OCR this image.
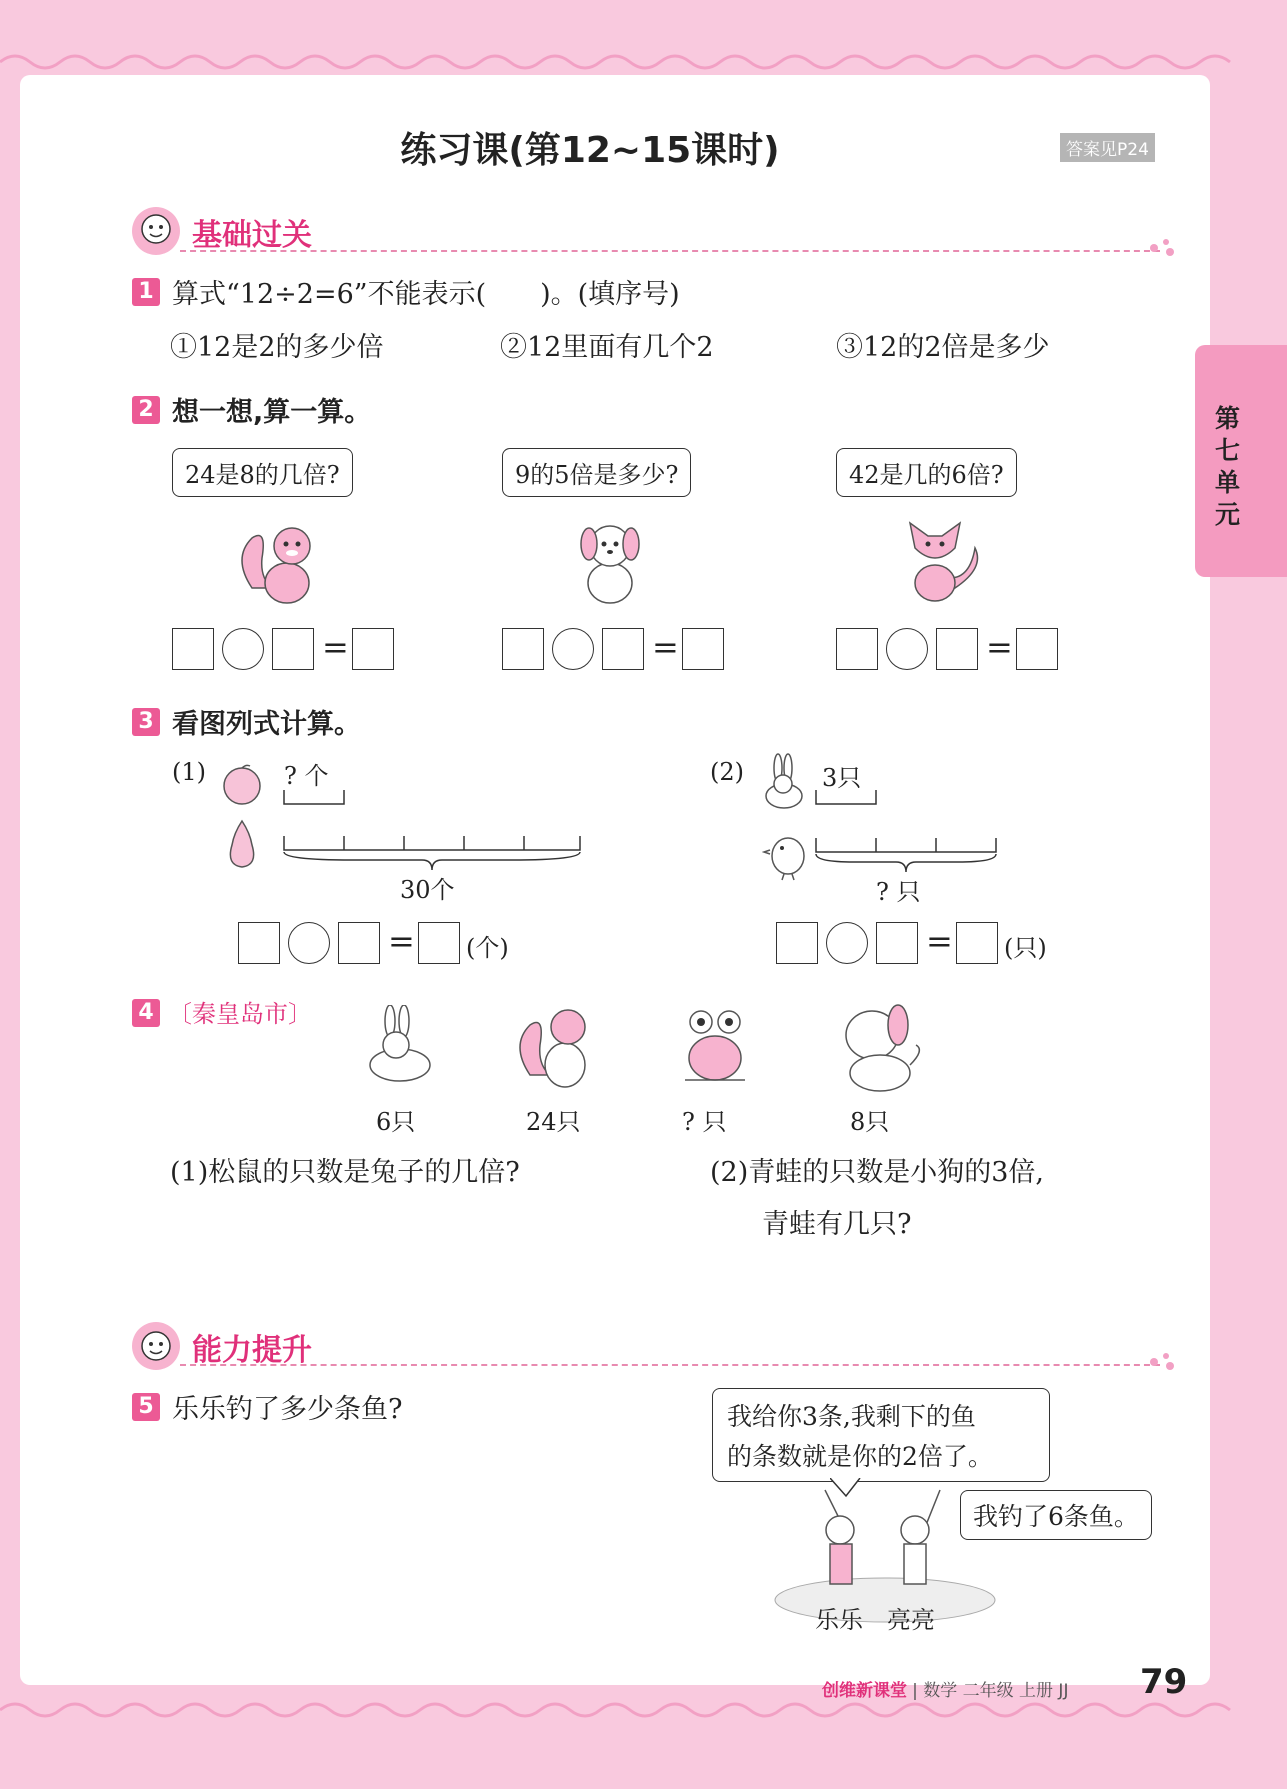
练习课(第12~15课时)	答案见P24
第七单元
基础过关
1 算式“12÷2=6”不能表示(　　)。(填序号)
①12是2的多少倍	②12里面有几个2	③12的2倍是多少
2 想一想,算一算。
24是8的几倍?	9的5倍是多少?	42是几的6倍?
=	=	=
3 看图列式计算。
(1)	? 个
30个
= (个)
(2)	3只
? 只
= (只)
4 〔秦皇岛市〕
6只	24只	? 只	8只
(1)松鼠的只数是兔子的几倍?	(2)青蛙的只数是小狗的3倍,
青蛙有几只?
能力提升
5 乐乐钓了多少条鱼?	我给你3条,我剩下的鱼
的条数就是你的2倍了。
我钓了6条鱼。
乐乐　亮亮
创维新课堂 | 数学 二年级 上册 JJ 79
